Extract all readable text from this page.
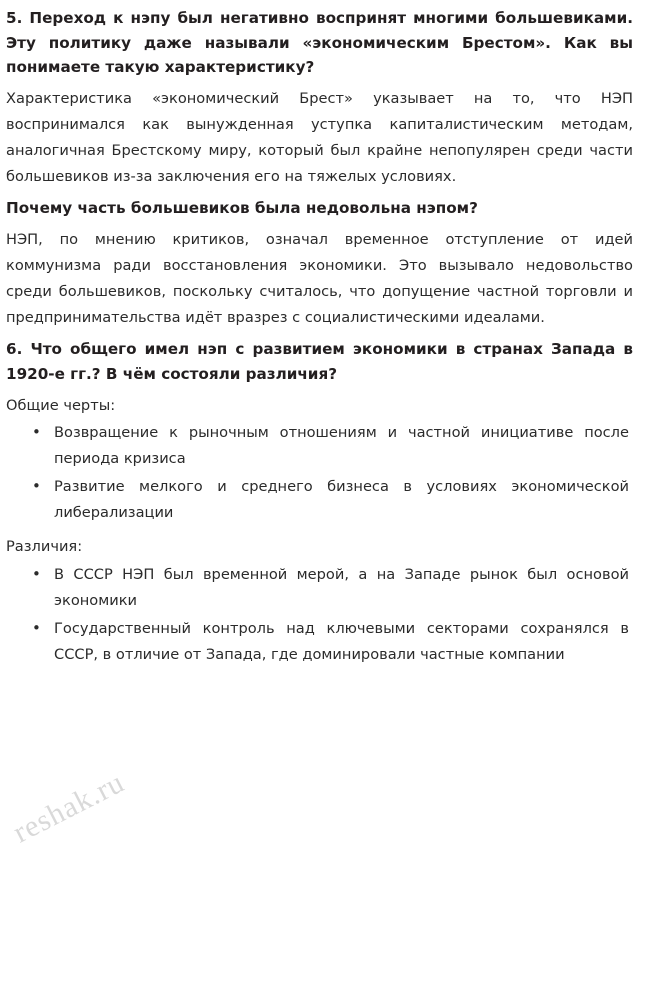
5. Переход к нэпу был негативно воспринят многими большевиками. Эту политику даже называли «экономическим Брестом». Как вы понимаете такую характеристику?

Характеристика «экономический Брест» указывает на то, что НЭП воспринимался как вынужденная уступка капиталистическим методам, аналогичная Брестскому миру, который был крайне непопулярен среди части большевиков из-за заключения его на тяжелых условиях.

Почему часть большевиков была недовольна нэпом?

НЭП, по мнению критиков, означал временное отступление от идей коммунизма ради восстановления экономики. Это вызывало недовольство среди большевиков, поскольку считалось, что допущение частной торговли и предпринимательства идёт вразрез с социалистическими идеалами.

6. Что общего имел нэп с развитием экономики в странах Запада в 1920-е гг.? В чём состояли различия?

Общие черты:

• Возвращение к рыночным отношениям и частной инициативе после периода кризиса
• Развитие мелкого и среднего бизнеса в условиях экономической либерализации

Различия:

• В СССР НЭП был временной мерой, а на Западе рынок был основой экономики
• Государственный контроль над ключевыми секторами сохранялся в СССР, в отличие от Запада, где доминировали частные компании
reshak.ru
